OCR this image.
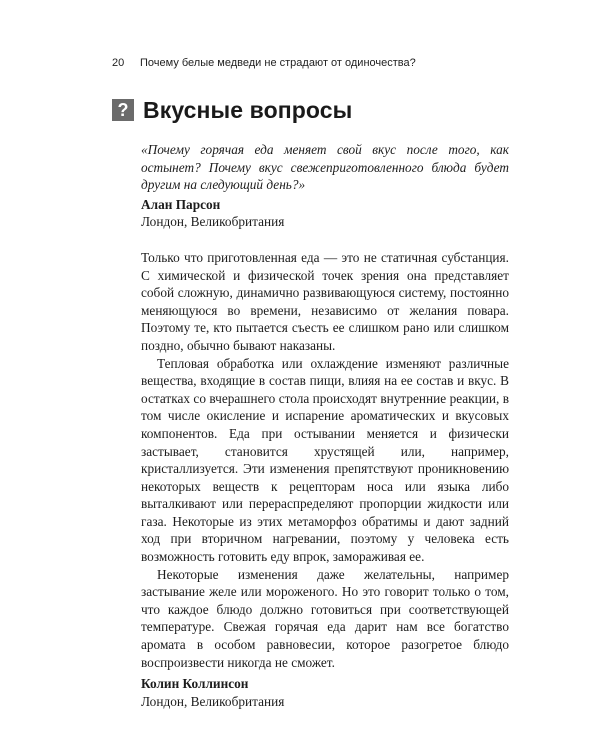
20 Почему белые медведи не страдают от одиночества?
? Вкусные вопросы

«Почему горячая еда меняет свой вкус после того, как остынет? Почему вкус свежеприготовленного блюда будет другим на следующий день?»

Алан Парсон

Лондон, Великобритания

Только что приготовленная еда — это не статичная субстанция. С химической и физической точек зрения она представляет собой сложную, динамично развивающуюся систему, постоянно меняющуюся во времени, независимо от желания повара. Поэтому те, кто пытается съесть ее слишком рано или слишком поздно, обычно бывают наказаны.

Тепловая обработка или охлаждение изменяют различные вещества, входящие в состав пищи, влияя на ее состав и вкус. В остатках со вчерашнего стола происходят внутренние реакции, в том числе окисление и испарение ароматических и вкусовых компонентов. Еда при остывании меняется и физически застывает, становится хрустящей или, например, кристаллизуется. Эти изменения препятствуют проникновению некоторых веществ к рецепторам носа или языка либо выталкивают или перераспределяют пропорции жидкости или газа. Некоторые из этих метаморфоз обратимы и дают задний ход при вторичном нагревании, поэтому у человека есть возможность готовить еду впрок, замораживая ее.

Некоторые изменения даже желательны, например застывание желе или мороженого. Но это говорит только о том, что каждое блюдо должно готовиться при соответствующей температуре. Свежая горячая еда дарит нам все богатство аромата в особом равновесии, которое разогретое блюдо воспроизвести никогда не сможет.

Колин Коллинсон

Лондон, Великобритания
